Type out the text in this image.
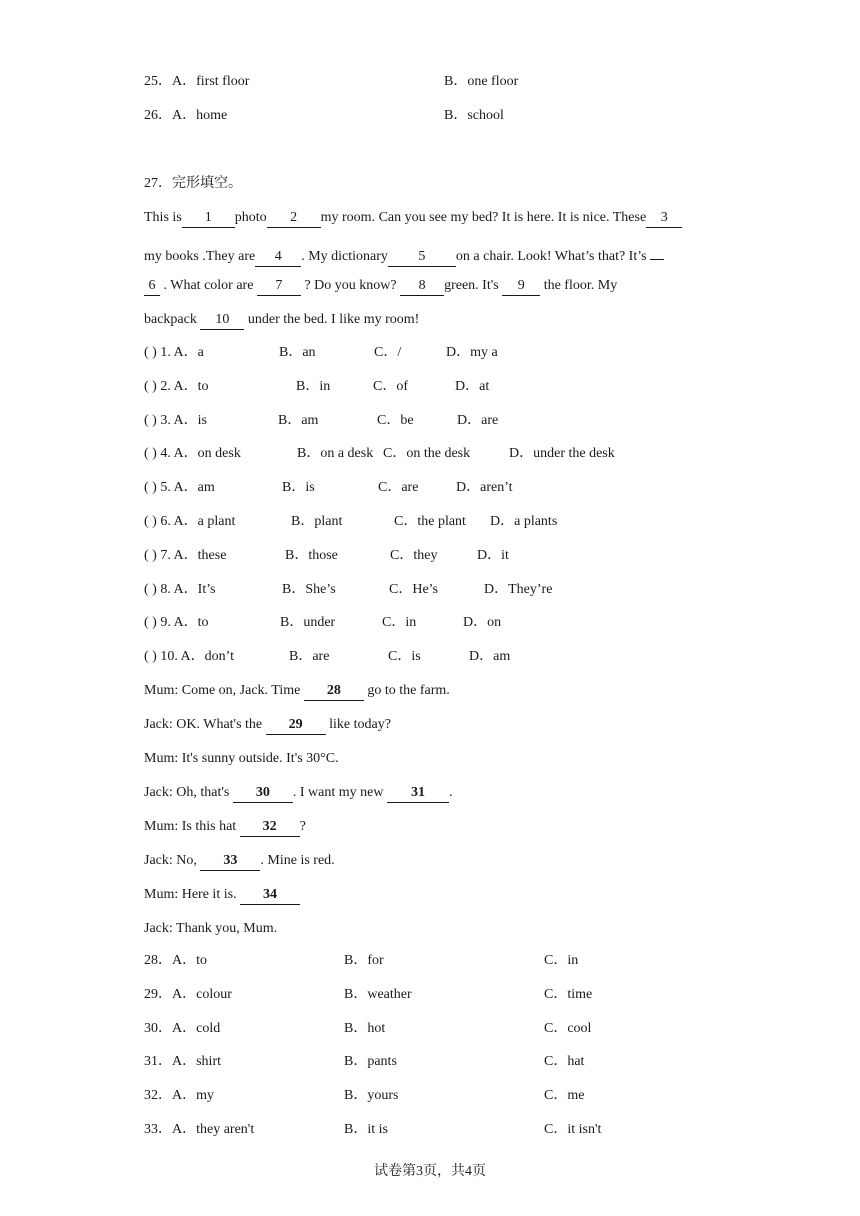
25．A．first floor	B．one floor
26．A．home	B．school
27．完形填空。
This is 1 photo 2 my room. Can you see my bed? It is here. It is nice. These 3
my books .They are 4 . My dictionary 5 on a chair. Look! What’s that? It’s
6 . What color are 7 ? Do you know? 8 green. It's 9 the floor. My
backpack 10 under the bed. I like my room!
( ) 1. A．a	B．an	C．/	D．my a
( ) 2. A．to	B．in	C．of	D．at
( ) 3. A．is	B．am	C．be	D．are
( ) 4. A．on desk	B．on a desk C．on the desk	D．under the desk
( ) 5. A．am	B．is	C．are	D．aren’t
( ) 6. A．a plant	B．plant	C．the plant D．a plants
( ) 7. A．these	B．those	C．they	D．it
( ) 8. A．It’s	B．She’s	C．He’s	D．They’re
( ) 9. A．to	B．under	C．in	D．on
( ) 10. A．don’t	B．are	C．is	D．am
Mum: Come on, Jack. Time 28 go to the farm.
Jack: OK. What's the 29 like today?
Mum: It's sunny outside. It's 30°C.
Jack: Oh, that's 30 . I want my new 31 .
Mum: Is this hat 32 ?
Jack: No, 33 . Mine is red.
Mum: Here it is. 34
Jack: Thank you, Mum.
28．A．to	B．for	C．in
29．A．colour	B．weather	C．time
30．A．cold	B．hot	C．cool
31．A．shirt	B．pants	C．hat
32．A．my	B．yours	C．me
33．A．they aren't	B．it is	C．it isn't
试卷第3页，共4页
